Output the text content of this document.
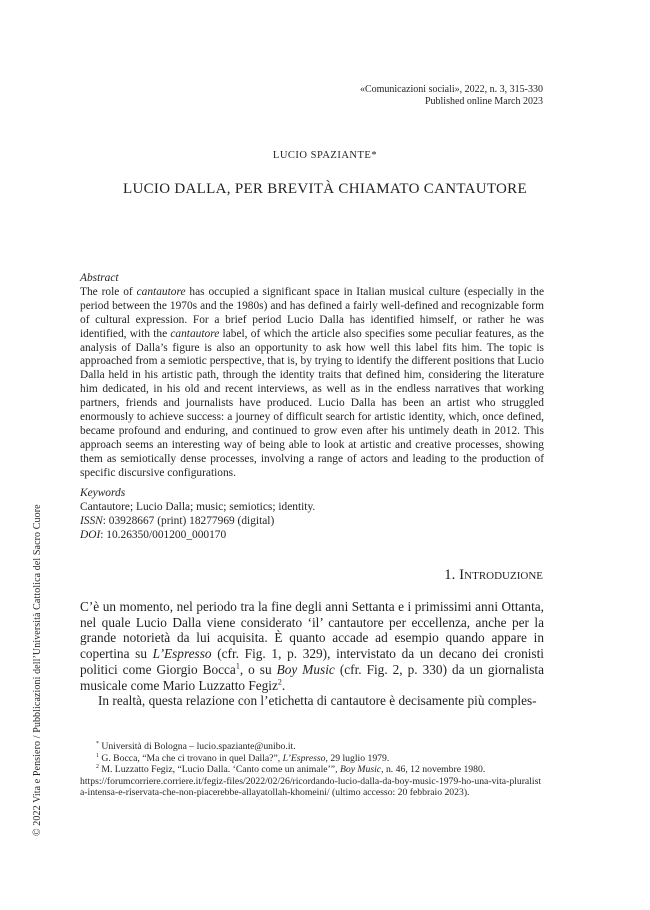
«Comunicazioni sociali», 2022, n. 3, 315-330
Published online March 2023
LUCIO SPAZIANTE*
LUCIO DALLA, PER BREVITÀ CHIAMATO CANTAUTORE
Abstract
The role of cantautore has occupied a significant space in Italian musical culture (especially in the period between the 1970s and the 1980s) and has defined a fairly well-defined and recognizable form of cultural expression. For a brief period Lucio Dalla has identified himself, or rather he was identified, with the cantautore label, of which the article also specifies some peculiar features, as the analysis of Dalla’s figure is also an opportunity to ask how well this label fits him. The topic is approached from a semiotic perspective, that is, by trying to identify the different positions that Lucio Dalla held in his artistic path, through the identity traits that defined him, considering the literature him dedicated, in his old and recent interviews, as well as in the endless narratives that working partners, friends and journalists have produced. Lucio Dalla has been an artist who struggled enormously to achieve success: a journey of difficult search for artistic identity, which, once defined, became profound and enduring, and continued to grow even after his untimely death in 2012. This approach seems an interesting way of being able to look at artistic and creative processes, showing them as semiotically dense processes, involving a range of actors and leading to the production of specific discursive configurations.
Keywords
Cantautore; Lucio Dalla; music; semiotics; identity.
ISSN: 03928667 (print) 18277969 (digital)
DOI: 10.26350/001200_000170
1. Introduzione

C’è un momento, nel periodo tra la fine degli anni Settanta e i primissimi anni Ottanta, nel quale Lucio Dalla viene considerato ‘il’ cantautore per eccellenza, anche per la grande notorietà da lui acquisita. È quanto accade ad esempio quando appare in copertina su L’Espresso (cfr. Fig. 1, p. 329), intervistato da un decano dei cronisti politici come Giorgio Bocca$^1$, o su Boy Music (cfr. Fig. 2, p. 330) da un giornalista musicale come Mario Luzzatto Fegiz$^2$.

In realtà, questa relazione con l’etichetta di cantautore è decisamente più comples-

* Università di Bologna – lucio.spaziante@unibo.it.
$^1$ G. Bocca, “Ma che ci trovano in quel Dalla?”, L’Espresso, 29 luglio 1979.
$^2$ M. Luzzatto Fegiz, “Lucio Dalla. ‘Canto come un animale’”, Boy Music, n. 46, 12 novembre 1980.
https://forumcorriere.corriere.it/fegiz-files/2022/02/26/ricordando-lucio-dalla-da-boy-music-1979-ho-una-vita-pluralista-intensa-e-riservata-che-non-piacerebbe-allayatollah-khomeini/ (ultimo accesso: 20 febbraio 2023).
© 2022 Vita e Pensiero / Pubblicazioni dell’Università Cattolica del Sacro Cuore
